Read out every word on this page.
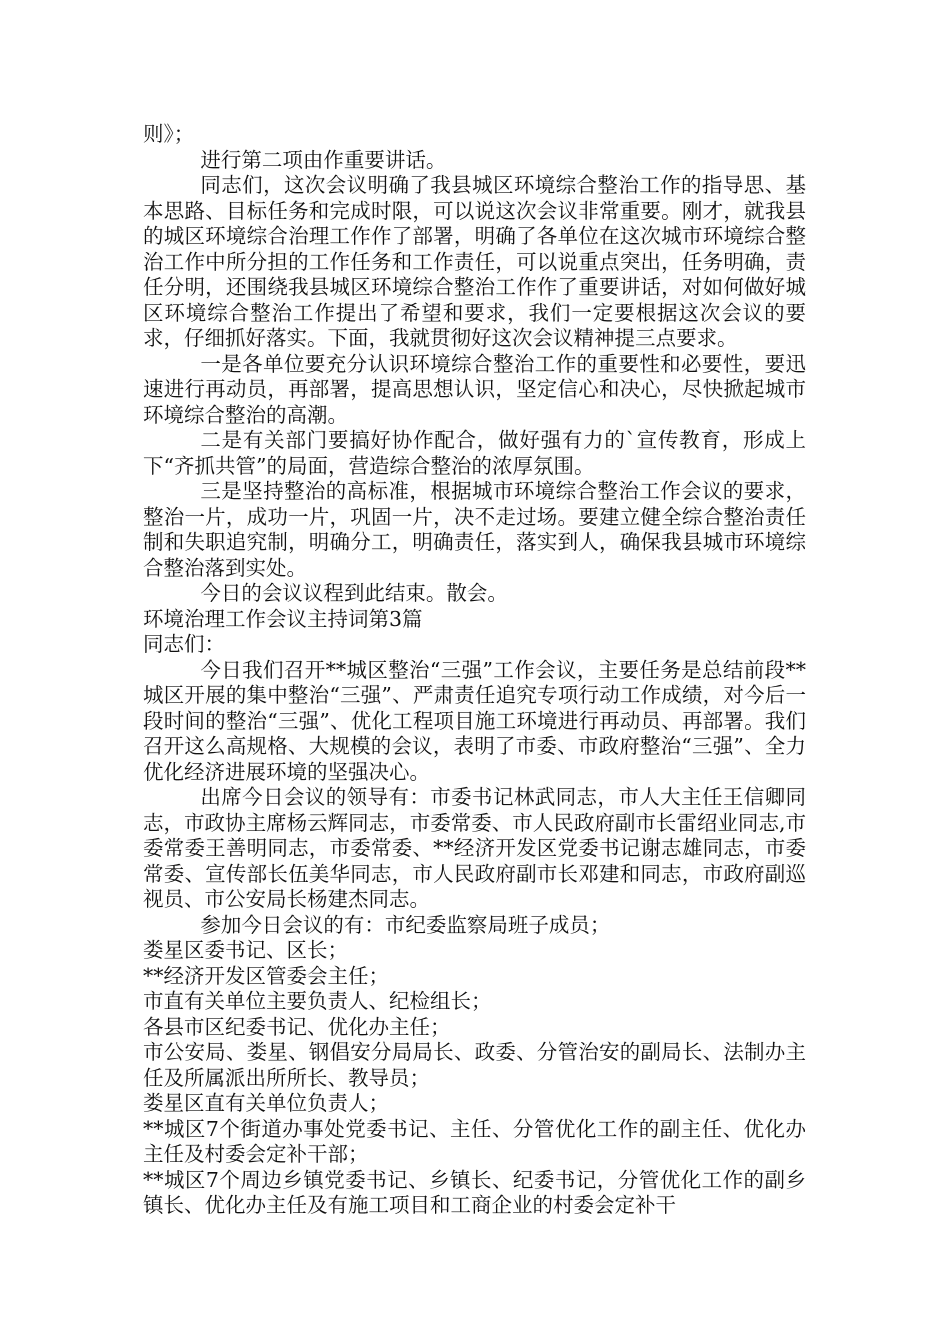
则》；

进行第二项由作重要讲话。

同志们，这次会议明确了我县城区环境综合整治工作的指导思、基本思路、目标任务和完成时限，可以说这次会议非常重要。刚才，就我县的城区环境综合治理工作作了部署，明确了各单位在这次城市环境综合整治工作中所分担的工作任务和工作责任，可以说重点突出，任务明确，责任分明，还围绕我县城区环境综合整治工作作了重要讲话，对如何做好城区环境综合整治工作提出了希望和要求，我们一定要根据这次会议的要求，仔细抓好落实。下面，我就贯彻好这次会议精神提三点要求。

一是各单位要充分认识环境综合整治工作的重要性和必要性，要迅速进行再动员，再部署，提高思想认识，坚定信心和决心，尽快掀起城市环境综合整治的高潮。

二是有关部门要搞好协作配合，做好强有力的`宣传教育，形成上下“齐抓共管”的局面，营造综合整治的浓厚氛围。

三是坚持整治的高标准，根据城市环境综合整治工作会议的要求，整治一片，成功一片，巩固一片，决不走过场。要建立健全综合整治责任制和失职追究制，明确分工，明确责任，落实到人，确保我县城市环境综合整治落到实处。

今日的会议议程到此结束。散会。

环境治理工作会议主持词第3篇

同志们：

今日我们召开**城区整治“三强”工作会议，主要任务是总结前段**城区开展的集中整治“三强”、严肃责任追究专项行动工作成绩，对今后一段时间的整治“三强”、优化工程项目施工环境进行再动员、再部署。我们召开这么高规格、大规模的会议，表明了市委、市政府整治“三强”、全力优化经济进展环境的坚强决心。

出席今日会议的领导有：市委书记林武同志，市人大主任王信卿同志，市政协主席杨云辉同志，市委常委、市人民政府副市长雷绍业同志,市委常委王善明同志，市委常委、**经济开发区党委书记谢志雄同志，市委常委、宣传部长伍美华同志，市人民政府副市长邓建和同志，市政府副巡视员、市公安局长杨建杰同志。

参加今日会议的有：市纪委监察局班子成员；

娄星区委书记、区长；

**经济开发区管委会主任；

市直有关单位主要负责人、纪检组长；

各县市区纪委书记、优化办主任；

市公安局、娄星、钢倡安分局局长、政委、分管治安的副局长、法制办主任及所属派出所所长、教导员；

娄星区直有关单位负责人；

**城区7个街道办事处党委书记、主任、分管优化工作的副主任、优化办主任及村委会定补干部；

**城区7个周边乡镇党委书记、乡镇长、纪委书记，分管优化工作的副乡镇长、优化办主任及有施工项目和工商企业的村委会定补干
